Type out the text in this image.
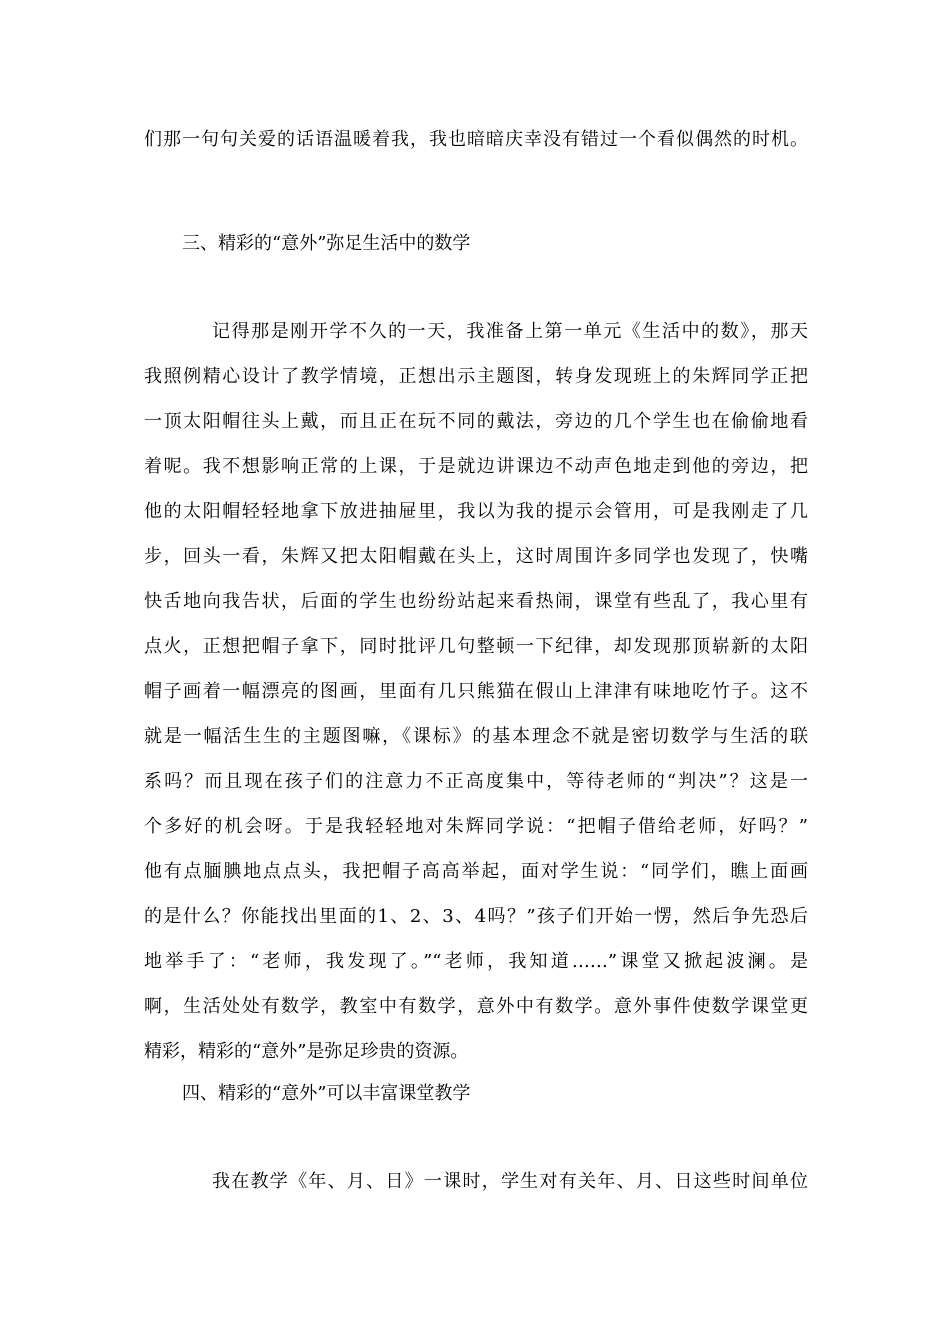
们那一句句关爱的话语温暖着我，我也暗暗庆幸没有错过一个看似偶然的时机。
三、精彩的“意外”弥足生活中的数学
记得那是刚开学不久的一天，我准备上第一单元《生活中的数》，那天
我照例精心设计了教学情境，正想出示主题图，转身发现班上的朱辉同学正把
一顶太阳帽往头上戴，而且正在玩不同的戴法，旁边的几个学生也在偷偷地看
着呢。我不想影响正常的上课，于是就边讲课边不动声色地走到他的旁边，把
他的太阳帽轻轻地拿下放进抽屉里，我以为我的提示会管用，可是我刚走了几
步，回头一看，朱辉又把太阳帽戴在头上，这时周围许多同学也发现了，快嘴
快舌地向我告状，后面的学生也纷纷站起来看热闹，课堂有些乱了，我心里有
点火，正想把帽子拿下，同时批评几句整顿一下纪律，却发现那顶崭新的太阳
帽子画着一幅漂亮的图画，里面有几只熊猫在假山上津津有味地吃竹子。这不
就是一幅活生生的主题图嘛，《课标》的基本理念不就是密切数学与生活的联
系吗？而且现在孩子们的注意力不正高度集中，等待老师的“判决”？这是一
个多好的机会呀。于是我轻轻地对朱辉同学说：“把帽子借给老师，好吗？”
他有点腼腆地点点头，我把帽子高高举起，面对学生说：“同学们，瞧上面画
的是什么？你能找出里面的1、2、3、4吗？”孩子们开始一愣，然后争先恐后
地举手了：“老师，我发现了。”“老师，我知道……”课堂又掀起波澜。是
啊，生活处处有数学，教室中有数学，意外中有数学。意外事件使数学课堂更
精彩，精彩的“意外”是弥足珍贵的资源。
四、精彩的“意外”可以丰富课堂教学
我在教学《年、月、日》一课时，学生对有关年、月、日这些时间单位
